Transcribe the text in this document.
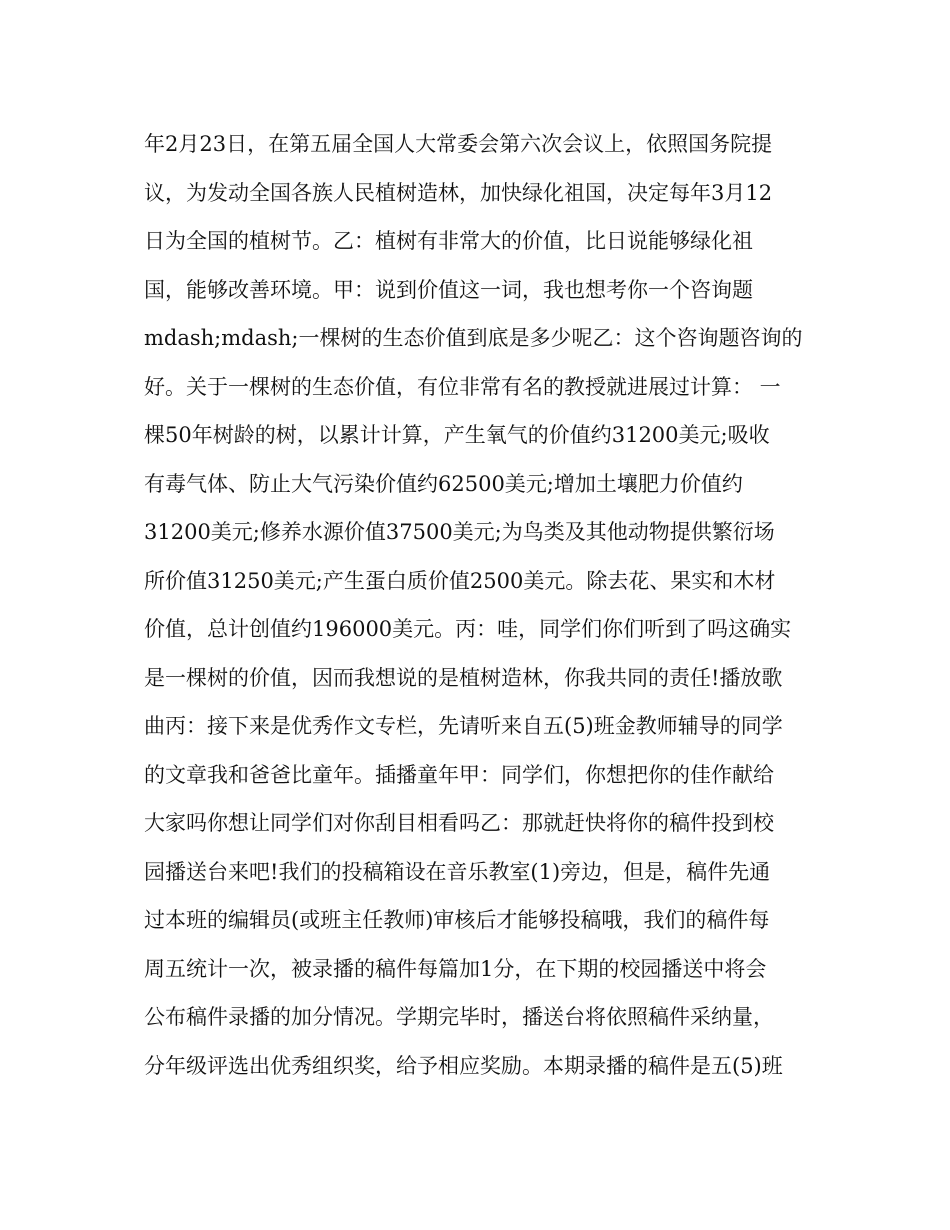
年2月23日，在第五届全国人大常委会第六次会议上，依照国务院提
议，为发动全国各族人民植树造林，加快绿化祖国，决定每年3月12
日为全国的植树节。乙：植树有非常大的价值，比日说能够绿化祖
国，能够改善环境。甲：说到价值这一词，我也想考你一个咨询题
mdash;mdash;一棵树的生态价值到底是多少呢乙：这个咨询题咨询的
好。关于一棵树的生态价值，有位非常有名的教授就进展过计算： 一
棵50年树龄的树，以累计计算，产生氧气的价值约31200美元;吸收
有毒气体、防止大气污染价值约62500美元;增加土壤肥力价值约
31200美元;修养水源价值37500美元;为鸟类及其他动物提供繁衍场
所价值31250美元;产生蛋白质价值2500美元。除去花、果实和木材
价值，总计创值约196000美元。丙：哇，同学们你们听到了吗这确实
是一棵树的价值，因而我想说的是植树造林，你我共同的责任!播放歌
曲丙：接下来是优秀作文专栏，先请听来自五(5)班金教师辅导的同学
的文章我和爸爸比童年。插播童年甲：同学们，你想把你的佳作献给
大家吗你想让同学们对你刮目相看吗乙：那就赶快将你的稿件投到校
园播送台来吧!我们的投稿箱设在音乐教室(1)旁边，但是，稿件先通
过本班的编辑员(或班主任教师)审核后才能够投稿哦，我们的稿件每
周五统计一次，被录播的稿件每篇加1分，在下期的校园播送中将会
公布稿件录播的加分情况。学期完毕时，播送台将依照稿件采纳量，
分年级评选出优秀组织奖，给予相应奖励。本期录播的稿件是五(5)班
